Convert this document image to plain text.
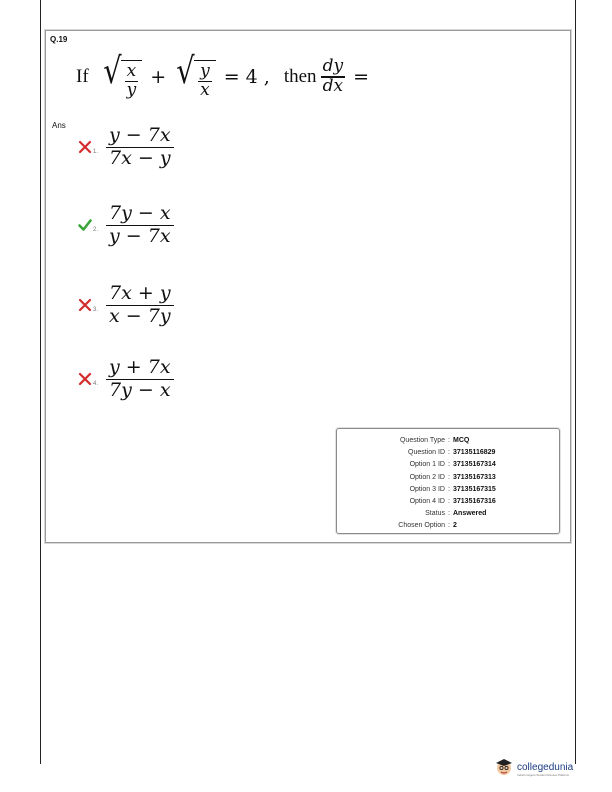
Q.19
If √ $\frac{x}{y}$ + √ $\frac{y}{x} = 4$ , then $\frac{dy}{dx}$ =
Ans
1. $\frac{y - 7x}{7x - y}$
2. $\frac{7y - x}{y - 7x}$
3. $\frac{7x + y}{x - 7y}$
4. $\frac{y + 7x}{7y - x}$
Question Type : MCQ
Question ID : 37135116829
Option 1 ID : 37135167314
Option 2 ID : 37135167313
Option 3 ID : 37135167315
Option 4 ID : 37135167316
Status : Answered
Chosen Option : 2
collegedunia
India's largest Student Review Platform
